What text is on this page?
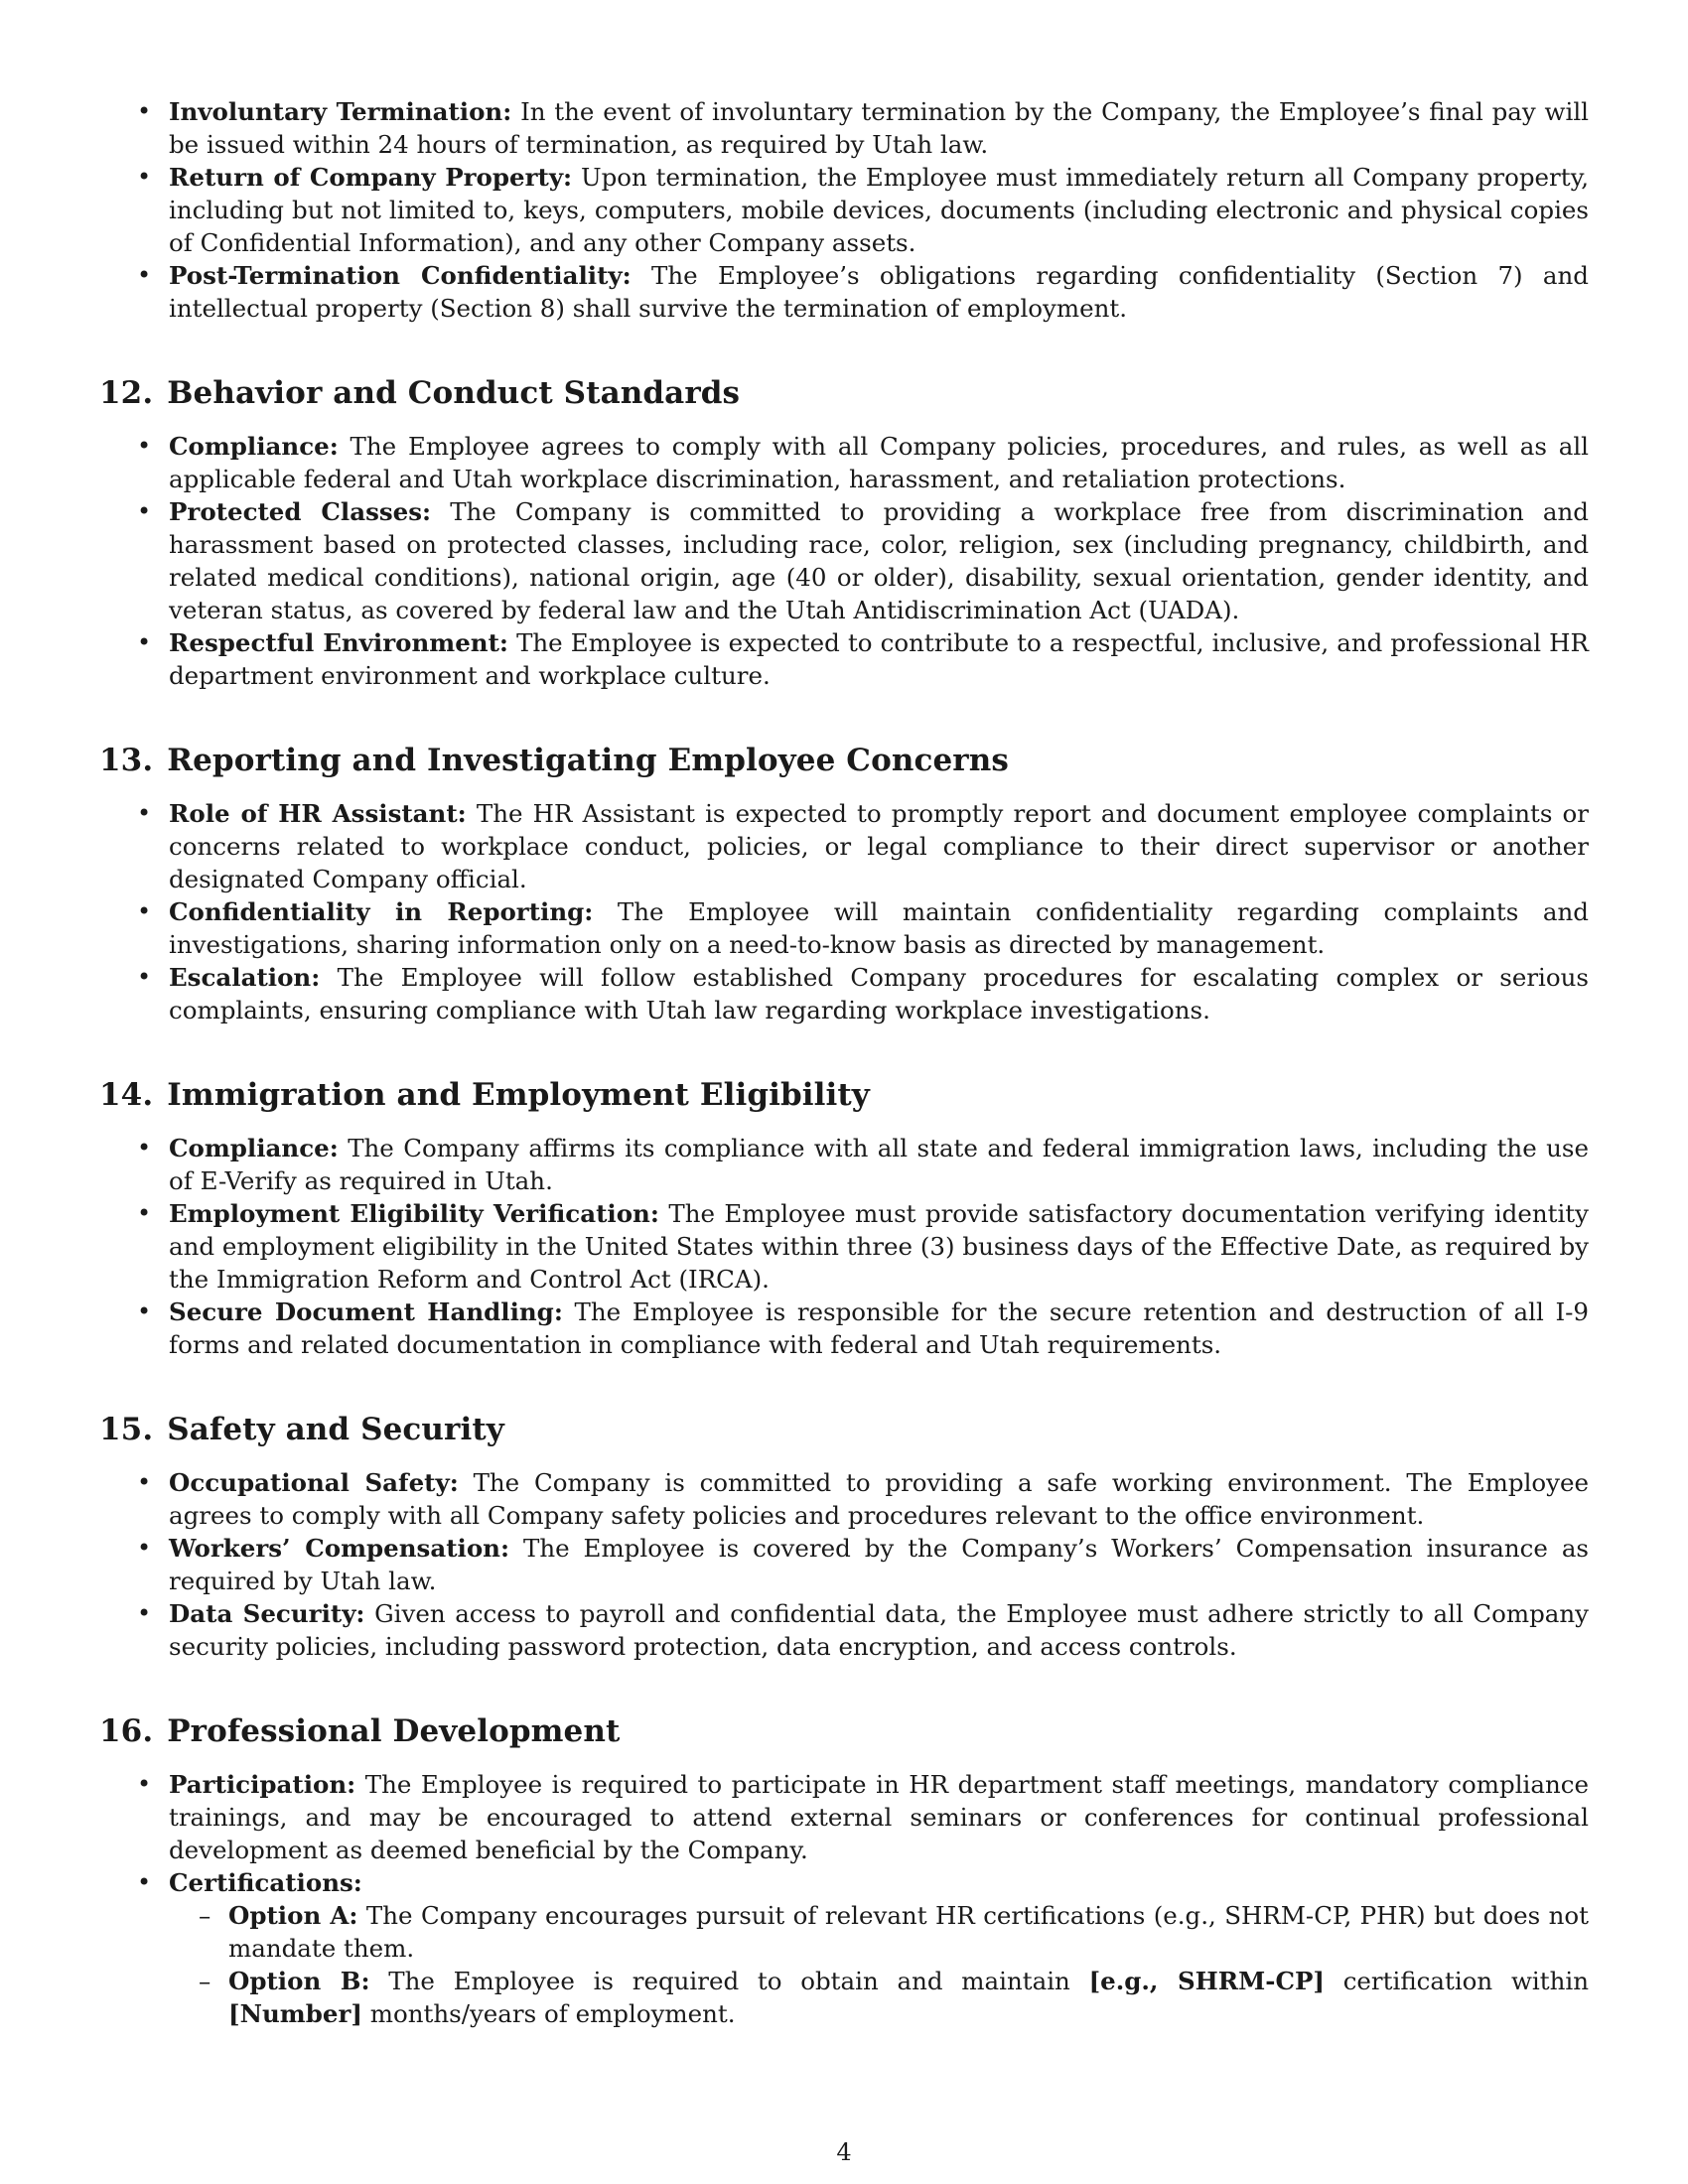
• Involuntary Termination: In the event of involuntary termination by the Company, the Employee’s final pay will be issued within 24 hours of termination, as required by Utah law.
• Return of Company Property: Upon termination, the Employee must immediately return all Company property, including but not limited to, keys, computers, mobile devices, documents (including electronic and physical copies of Confidential Information), and any other Company assets.
• Post-Termination Confidentiality: The Employee’s obligations regarding confidentiality (Section 7) and intellectual property (Section 8) shall survive the termination of employment.
12. Behavior and Conduct Standards
• Compliance: The Employee agrees to comply with all Company policies, procedures, and rules, as well as all applicable federal and Utah workplace discrimination, harassment, and retaliation protections.
• Protected Classes: The Company is committed to providing a workplace free from discrimination and harassment based on protected classes, including race, color, religion, sex (including pregnancy, childbirth, and related medical conditions), national origin, age (40 or older), disability, sexual orientation, gender identity, and veteran status, as covered by federal law and the Utah Antidiscrimination Act (UADA).
• Respectful Environment: The Employee is expected to contribute to a respectful, inclusive, and professional HR department environment and workplace culture.
13. Reporting and Investigating Employee Concerns
• Role of HR Assistant: The HR Assistant is expected to promptly report and document employee complaints or concerns related to workplace conduct, policies, or legal compliance to their direct supervisor or another designated Company official.
• Confidentiality in Reporting: The Employee will maintain confidentiality regarding complaints and investigations, sharing information only on a need-to-know basis as directed by management.
• Escalation: The Employee will follow established Company procedures for escalating complex or serious complaints, ensuring compliance with Utah law regarding workplace investigations.
14. Immigration and Employment Eligibility
• Compliance: The Company affirms its compliance with all state and federal immigration laws, including the use of E-Verify as required in Utah.
• Employment Eligibility Verification: The Employee must provide satisfactory documentation verifying identity and employment eligibility in the United States within three (3) business days of the Effective Date, as required by the Immigration Reform and Control Act (IRCA).
• Secure Document Handling: The Employee is responsible for the secure retention and destruction of all I-9 forms and related documentation in compliance with federal and Utah requirements.
15. Safety and Security
• Occupational Safety: The Company is committed to providing a safe working environment. The Employee agrees to comply with all Company safety policies and procedures relevant to the office environment.
• Workers’ Compensation: The Employee is covered by the Company’s Workers’ Compensation insurance as required by Utah law.
• Data Security: Given access to payroll and confidential data, the Employee must adhere strictly to all Company security policies, including password protection, data encryption, and access controls.
16. Professional Development
• Participation: The Employee is required to participate in HR department staff meetings, mandatory compliance trainings, and may be encouraged to attend external seminars or conferences for continual professional development as deemed beneficial by the Company.
• Certifications:
– Option A: The Company encourages pursuit of relevant HR certifications (e.g., SHRM-CP, PHR) but does not mandate them.
– Option B: The Employee is required to obtain and maintain [e.g., SHRM-CP] certification within [Number] months/years of employment.
4
